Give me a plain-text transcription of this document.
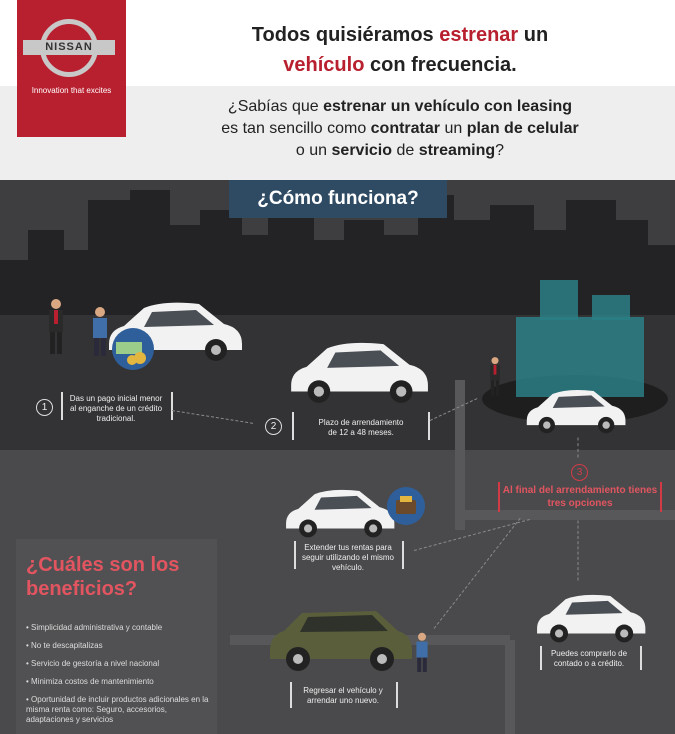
NISSAN
Innovation that excites
Todos quisiéramos estrenar un
vehículo con frecuencia.
¿Sabías que estrenar un vehículo con leasing
es tan sencillo como contratar un plan de celular
o un servicio de streaming?
¿Cómo funciona?
1
Das un pago inicial menor al enganche de un crédito tradicional.
2	Plazo de arrendamiento de 12 a 48 meses.
3
Al final del arrendamiento tienes tres opciones
Extender tus rentas para seguir utilizando el mismo vehículo.
Puedes comprarlo de contado o a crédito.
Regresar el vehículo y arrendar uno nuevo.
¿Cuáles son los beneficios?
• Simplicidad administrativa y contable
• No te descapitalizas
• Servicio de gestoría a nivel nacional
• Minimiza costos de mantenimiento
• Oportunidad de incluir productos adicionales en la misma renta como: Seguro, accesorios, adaptaciones y servicios
